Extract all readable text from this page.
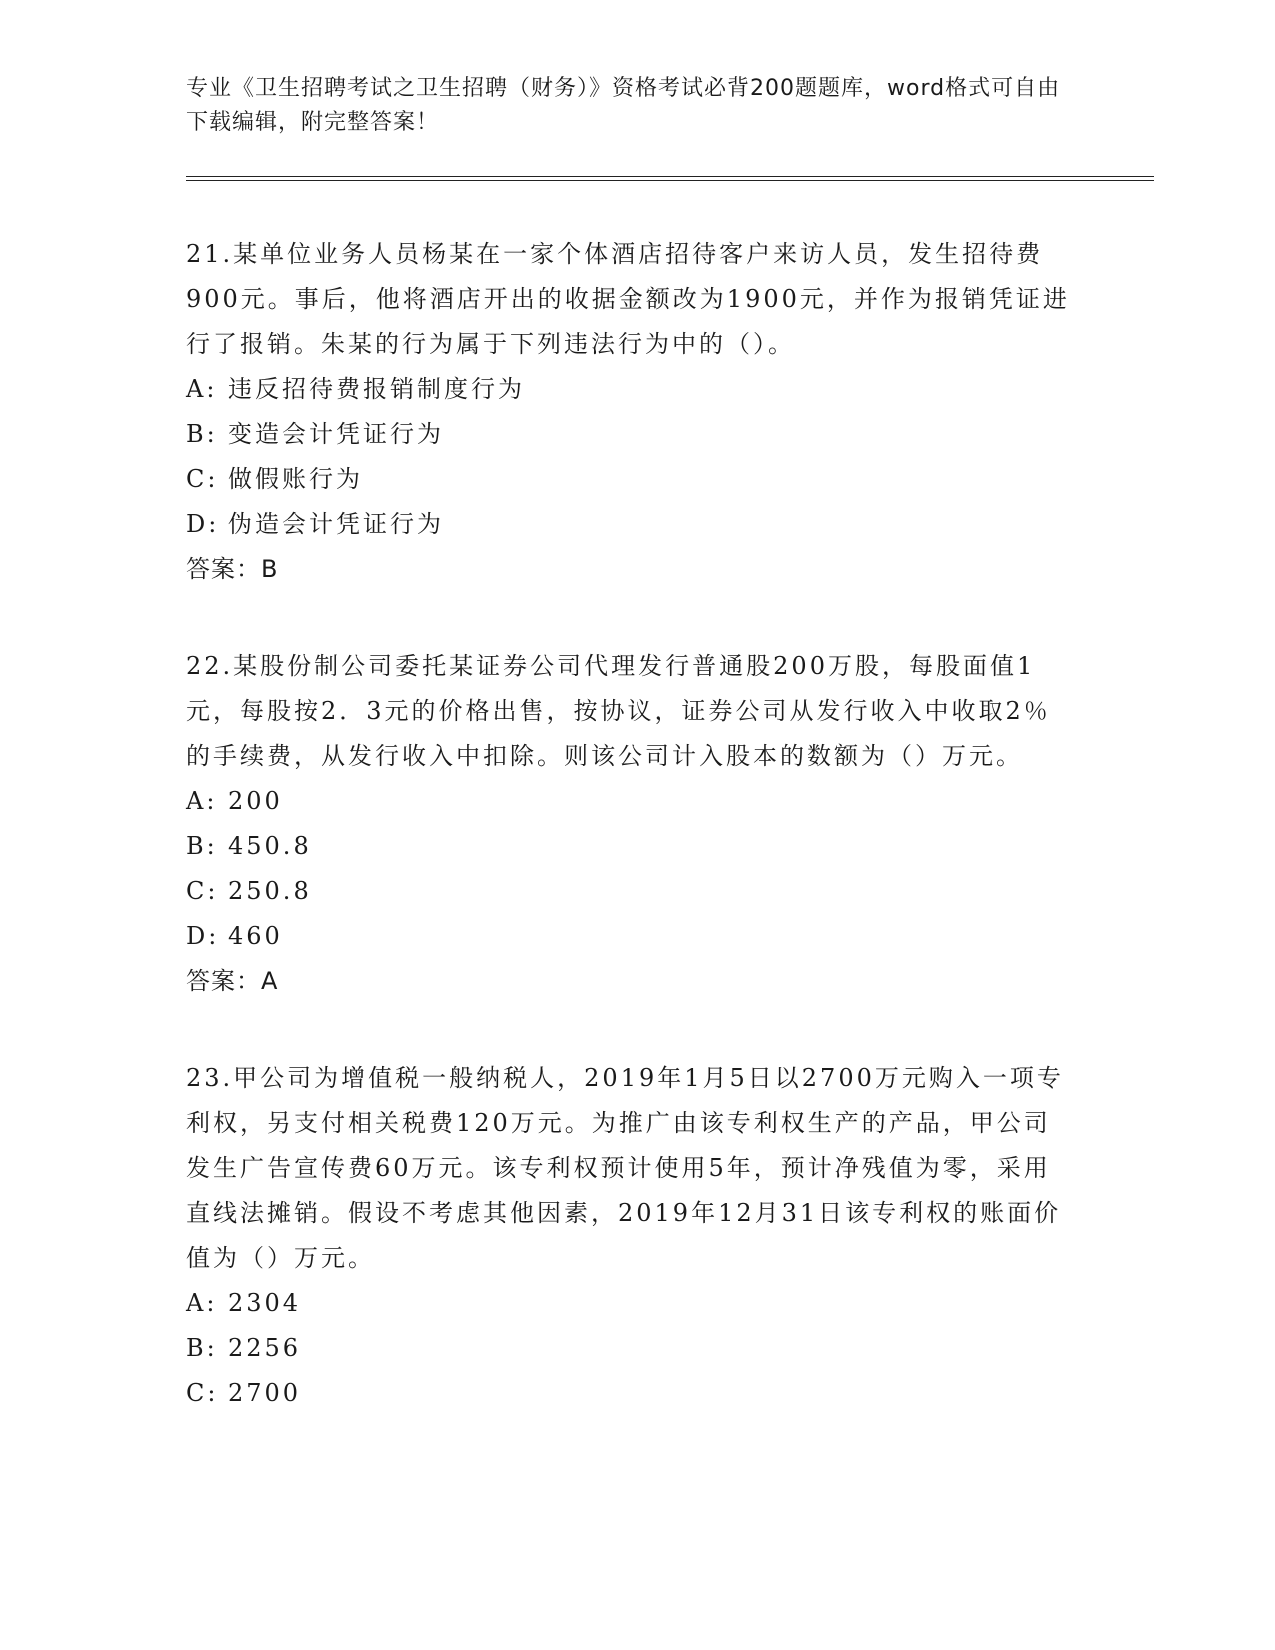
专业《卫生招聘考试之卫生招聘（财务）》资格考试必背200题题库，word格式可自由下载编辑，附完整答案！

21.某单位业务人员杨某在一家个体酒店招待客户来访人员，发生招待费900元。事后，他将酒店开出的收据金额改为1900元，并作为报销凭证进行了报销。朱某的行为属于下列违法行为中的（）。

A: 违反招待费报销制度行为
B: 变造会计凭证行为
C: 做假账行为
D: 伪造会计凭证行为
答案：B

22.某股份制公司委托某证券公司代理发行普通股200万股，每股面值1元，每股按2．3元的价格出售，按协议，证券公司从发行收入中收取2％的手续费，从发行收入中扣除。则该公司计入股本的数额为（）万元。

A: 200
B: 450.8
C: 250.8
D: 460
答案：A

23.甲公司为增值税一般纳税人，2019年1月5日以2700万元购入一项专利权，另支付相关税费120万元。为推广由该专利权生产的产品，甲公司发生广告宣传费60万元。该专利权预计使用5年，预计净残值为零，采用直线法摊销。假设不考虑其他因素，2019年12月31日该专利权的账面价值为（）万元。

A: 2304
B: 2256
C: 2700
